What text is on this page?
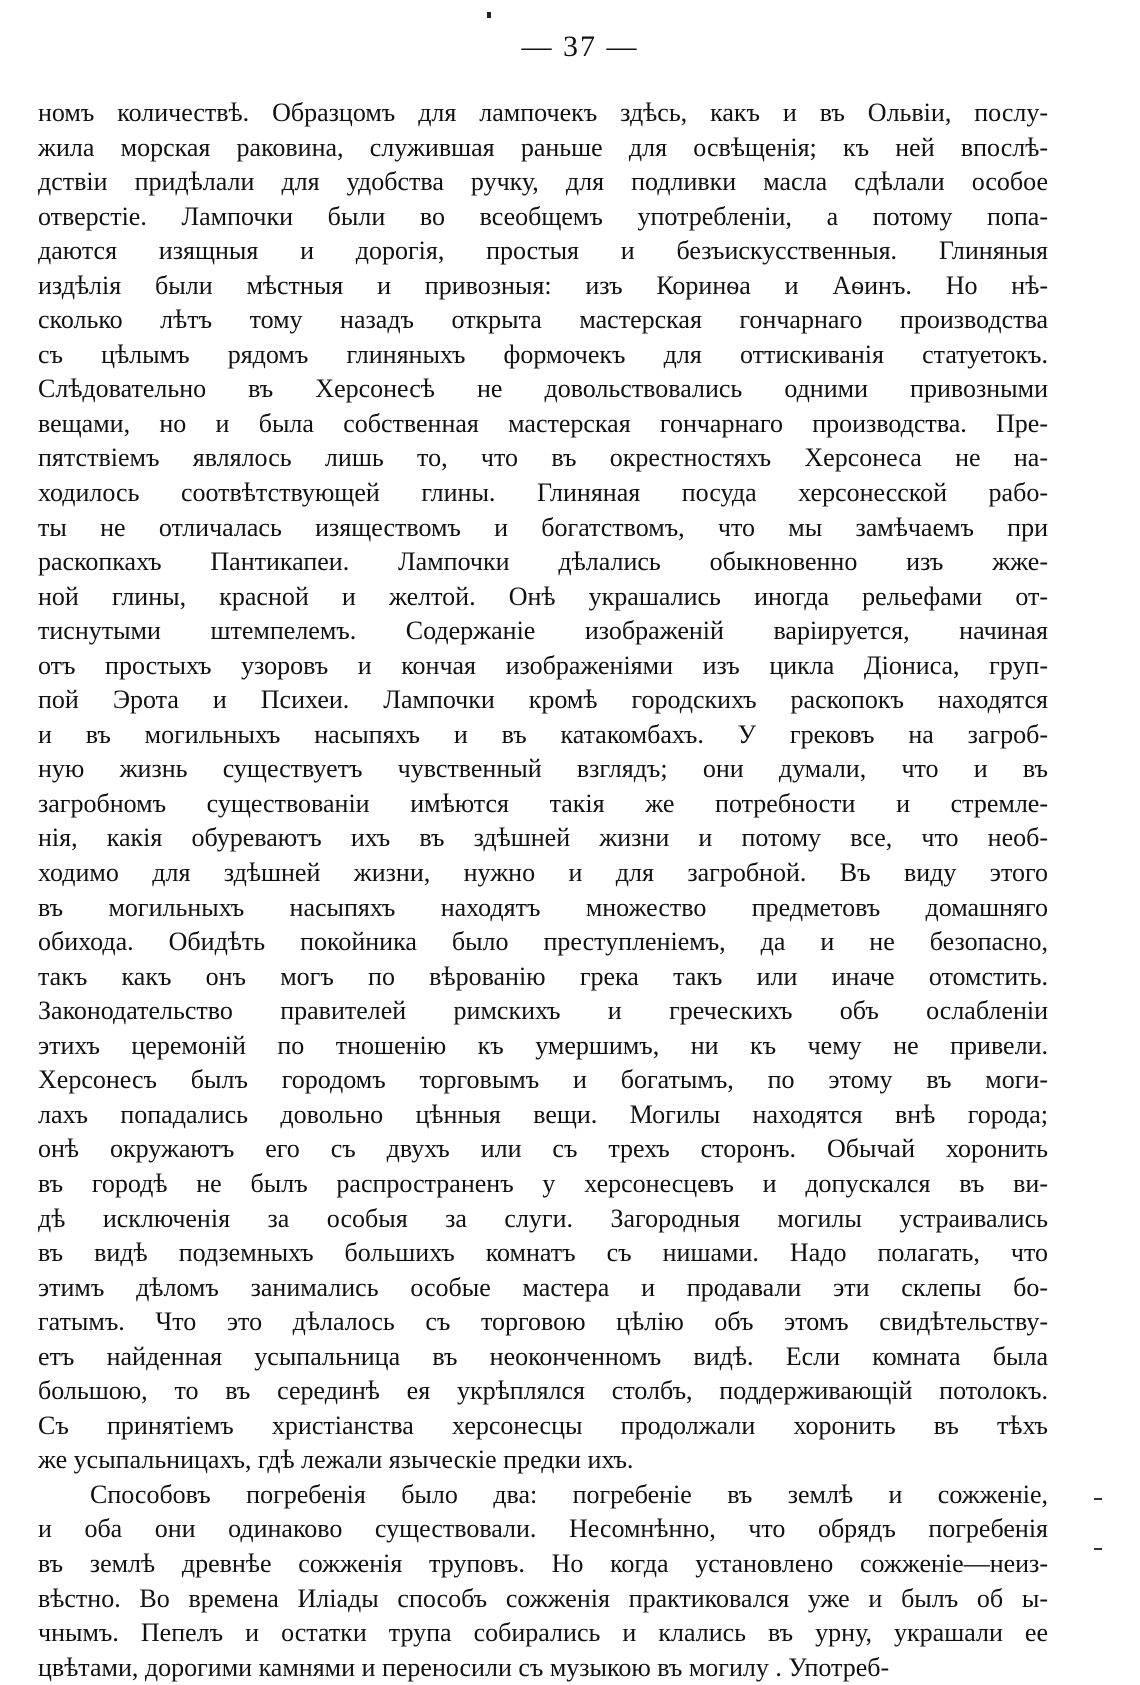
— 37 —
номъ количествѣ. Образцомъ для лампочекъ здѣсь, какъ и въ Ольвіи, послу-
жила морская раковина, служившая раньше для освѣщенія; къ ней впослѣ-
дствіи придѣлали для удобства ручку, для подливки масла сдѣлали особое
отверстіе. Лампочки были во всеобщемъ употребленіи, а потому попа-
даются изящныя и дорогія, простыя и безъискусственныя. Глиняныя
издѣлія были мѣстныя и привозныя: изъ Коринѳа и Аѳинъ. Но нѣ-
сколько лѣтъ тому назадъ открыта мастерская гончарнаго производства
съ цѣлымъ рядомъ глиняныхъ формочекъ для оттискиванія статуетокъ.
Слѣдовательно въ Херсонесѣ не довольствовались одними привозными
вещами, но и была собственная мастерская гончарнаго производства. Пре-
пятствіемъ являлось лишь то, что въ окрестностяхъ Херсонеса не на-
ходилось соотвѣтствующей глины. Глиняная посуда херсонесской рабо-
ты не отличалась изяществомъ и богатствомъ, что мы замѣчаемъ при
раскопкахъ Пантикапеи. Лампочки дѣлались обыкновенно изъ жже-
ной глины, красной и желтой. Онѣ украшались иногда рельефами от-
тиснутыми штемпелемъ. Содержаніе изображеній варіируется, начиная
отъ простыхъ узоровъ и кончая изображеніями изъ цикла Діониса, груп-
пой Эрота и Психеи. Лампочки кромѣ городскихъ раскопокъ находятся
и въ могильныхъ насыпяхъ и въ катакомбахъ. У грековъ на загроб-
ную жизнь существуетъ чувственный взглядъ; они думали, что и въ
загробномъ существованіи имѣются такія же потребности и стремле-
нія, какія обуреваютъ ихъ въ здѣшней жизни и потому все, что необ-
ходимо для здѣшней жизни, нужно и для загробной. Въ виду этого
въ могильныхъ насыпяхъ находятъ множество предметовъ домашняго
обихода. Обидѣть покойника было преступленіемъ, да и не безопасно,
такъ какъ онъ могъ по вѣрованію грека такъ или иначе отомстить.
Законодательство правителей римскихъ и греческихъ объ ослабленіи
этихъ церемоній по тношенію къ умершимъ, ни къ чему не привели.
Херсонесъ былъ городомъ торговымъ и богатымъ, по этому въ моги-
лахъ попадались довольно цѣнныя вещи. Могилы находятся внѣ города;
онѣ окружаютъ его съ двухъ или съ трехъ сторонъ. Обычай хоронить
въ городѣ не былъ распространенъ у херсонесцевъ и допускался въ ви-
дѣ исключенія за особыя за слуги. Загородныя могилы устраивались
въ видѣ подземныхъ большихъ комнатъ съ нишами. Надо полагать, что
этимъ дѣломъ занимались особые мастера и продавали эти склепы бо-
гатымъ. Что это дѣлалось съ торговою цѣлію объ этомъ свидѣтельству-
етъ найденная усыпальница въ неоконченномъ видѣ. Если комната была
большою, то въ серединѣ ея укрѣплялся столбъ, поддерживающій потолокъ.
Съ принятіемъ христіанства херсонесцы продолжали хоронить въ тѣхъ
же усыпальницахъ, гдѣ лежали языческіе предки ихъ.
Способовъ погребенія было два: погребеніе въ землѣ и сожженіе,
и оба они одинаково существовали. Несомнѣнно, что обрядъ погребенія
въ землѣ древнѣе сожженія труповъ. Но когда установлено сожженіе—неиз-
вѣстно. Во времена Иліады способъ сожженія практиковался уже и былъ об ы-
чнымъ. Пепелъ и остатки трупа собирались и клались въ урну, украшали ее
цвѣтами, дорогими камнями и переносили съ музыкою въ могилу . Употреб-
